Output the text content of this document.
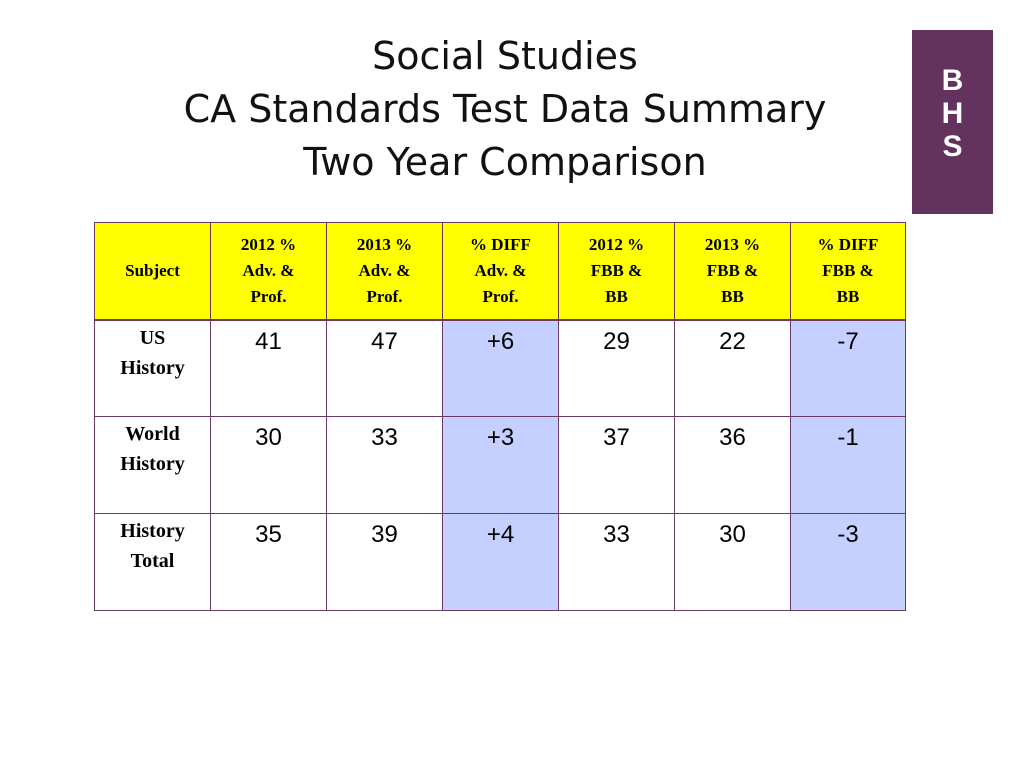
Social Studies
CA Standards Test Data Summary
Two Year Comparison
B
H
S
Subject	2012 %
Adv. &
Prof.	2013 %
Adv. &
Prof.	% DIFF
Adv. &
Prof.	2012 %
FBB &
BB	2013 %
FBB &
BB	% DIFF
FBB &
BB

US
History	41	47	+6	29	22	-7

World
History	30	33	+3	37	36	-1

History
Total	35	39	+4	33	30	-3
